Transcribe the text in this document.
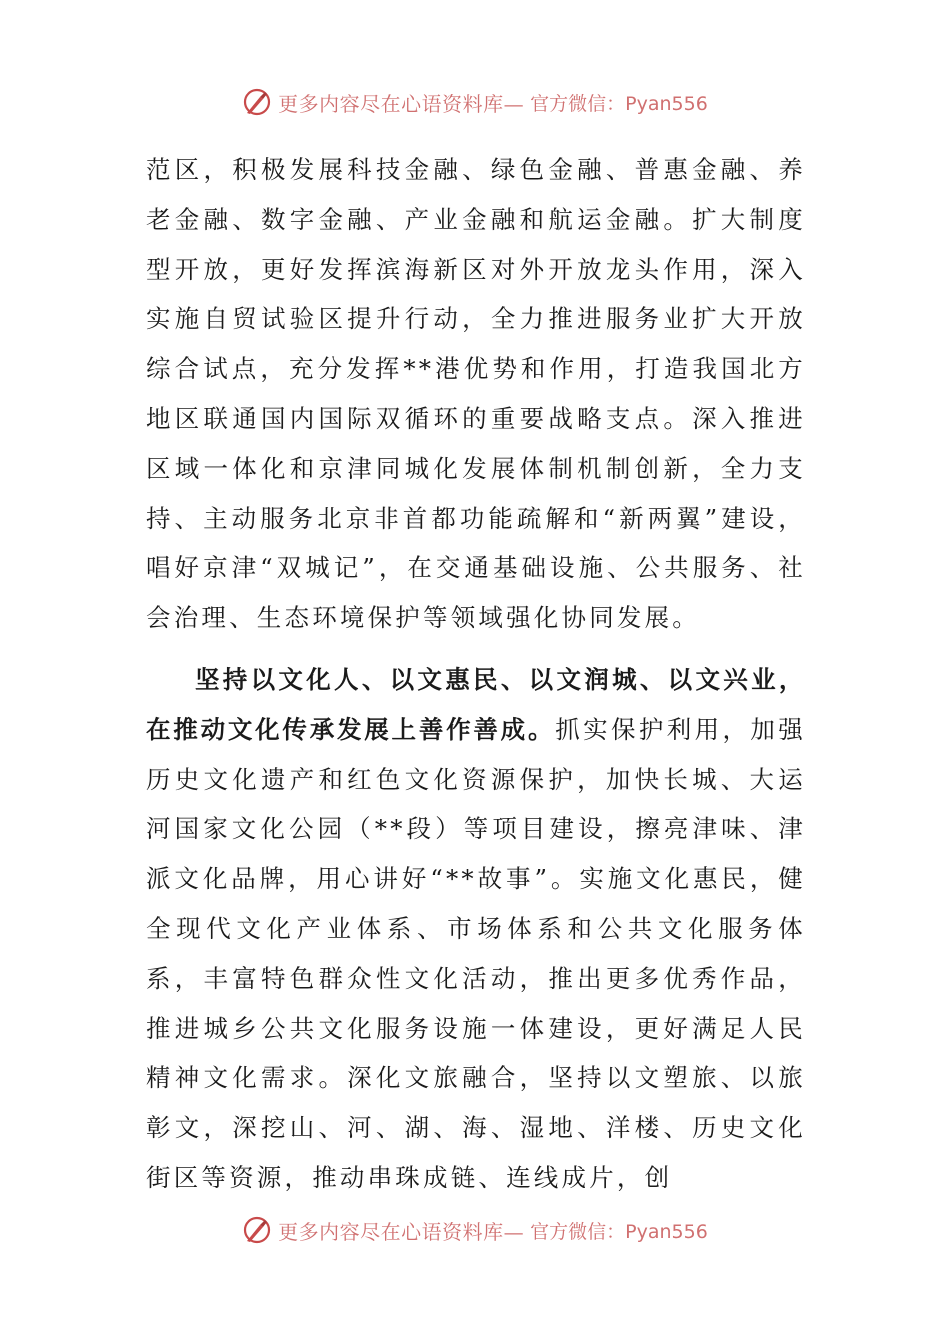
更多内容尽在心语资料库— 官方微信：Pyan556

范区，积极发展科技金融、绿色金融、普惠金融、养老金融、数字金融、产业金融和航运金融。扩大制度型开放，更好发挥滨海新区对外开放龙头作用，深入实施自贸试验区提升行动，全力推进服务业扩大开放综合试点，充分发挥**港优势和作用，打造我国北方地区联通国内国际双循环的重要战略支点。深入推进区域一体化和京津同城化发展体制机制创新，全力支持、主动服务北京非首都功能疏解和“新两翼”建设，唱好京津“双城记”，在交通基础设施、公共服务、社会治理、生态环境保护等领域强化协同发展。

坚持以文化人、以文惠民、以文润城、以文兴业，在推动文化传承发展上善作善成。抓实保护利用，加强历史文化遗产和红色文化资源保护，加快长城、大运河国家文化公园（**段）等项目建设，擦亮津味、津派文化品牌，用心讲好“**故事”。实施文化惠民，健全现代文化产业体系、市场体系和公共文化服务体系，丰富特色群众性文化活动，推出更多优秀作品，推进城乡公共文化服务设施一体建设，更好满足人民精神文化需求。深化文旅融合，坚持以文塑旅、以旅彰文，深挖山、河、湖、海、湿地、洋楼、历史文化街区等资源，推动串珠成链、连线成片，创

更多内容尽在心语资料库— 官方微信：Pyan556
